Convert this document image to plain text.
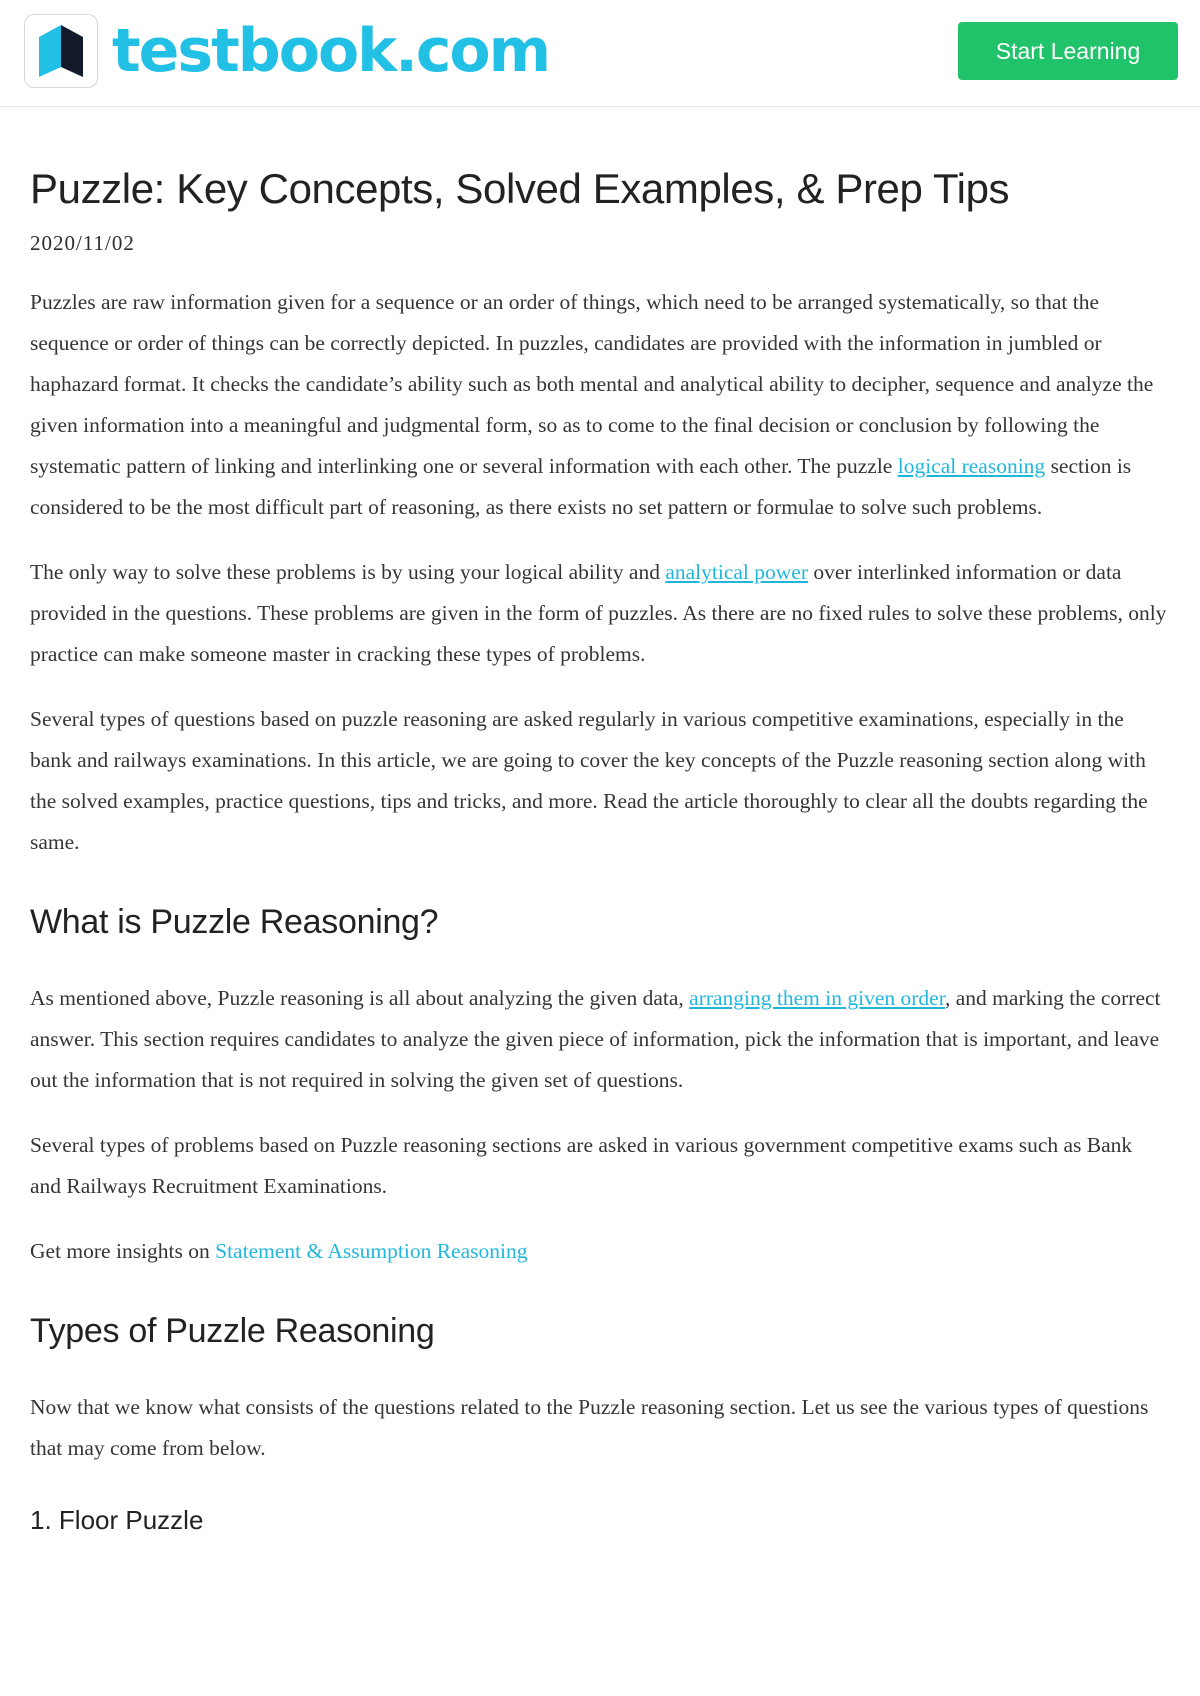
testbook.com	Start Learning
Puzzle: Key Concepts, Solved Examples, & Prep Tips
2020/11/02

Puzzles are raw information given for a sequence or an order of things, which need to be arranged systematically, so that the sequence or order of things can be correctly depicted. In puzzles, candidates are provided with the information in jumbled or haphazard format. It checks the candidate’s ability such as both mental and analytical ability to decipher, sequence and analyze the given information into a meaningful and judgmental form, so as to come to the final decision or conclusion by following the systematic pattern of linking and interlinking one or several information with each other. The puzzle logical reasoning section is considered to be the most difficult part of reasoning, as there exists no set pattern or formulae to solve such problems.

The only way to solve these problems is by using your logical ability and analytical power over interlinked information or data provided in the questions. These problems are given in the form of puzzles. As there are no fixed rules to solve these problems, only practice can make someone master in cracking these types of problems.

Several types of questions based on puzzle reasoning are asked regularly in various competitive examinations, especially in the bank and railways examinations. In this article, we are going to cover the key concepts of the Puzzle reasoning section along with the solved examples, practice questions, tips and tricks, and more. Read the article thoroughly to clear all the doubts regarding the same.

What is Puzzle Reasoning?

As mentioned above, Puzzle reasoning is all about analyzing the given data, arranging them in given order, and marking the correct answer. This section requires candidates to analyze the given piece of information, pick the information that is important, and leave out the information that is not required in solving the given set of questions.

Several types of problems based on Puzzle reasoning sections are asked in various government competitive exams such as Bank and Railways Recruitment Examinations.

Get more insights on Statement & Assumption Reasoning

Types of Puzzle Reasoning

Now that we know what consists of the questions related to the Puzzle reasoning section. Let us see the various types of questions that may come from below.

1. Floor Puzzle
